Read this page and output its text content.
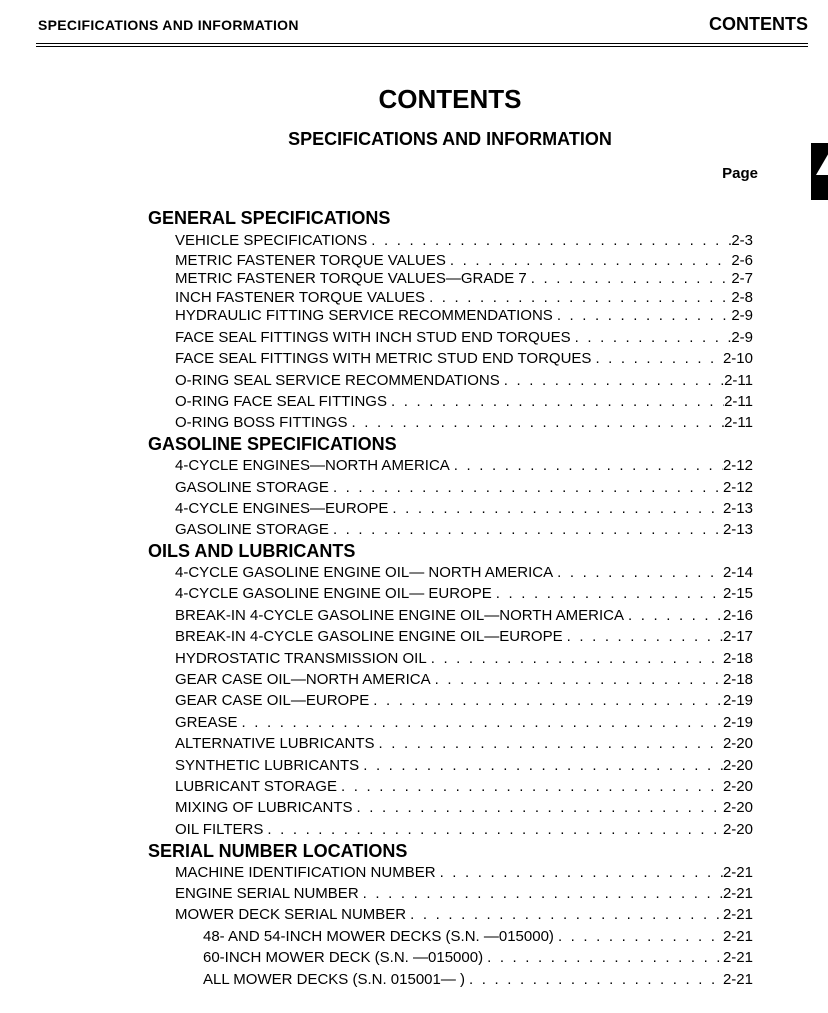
SPECIFICATIONS AND INFORMATION	CONTENTS
CONTENTS
SPECIFICATIONS AND INFORMATION
Page
GENERAL SPECIFICATIONS
VEHICLE SPECIFICATIONS . . .	2-3
METRIC FASTENER TORQUE VALUES . . .	2-6
METRIC FASTENER TORQUE VALUES—GRADE 7 . . .	2-7
INCH FASTENER TORQUE VALUES . . .	2-8
HYDRAULIC FITTING SERVICE RECOMMENDATIONS . . .	2-9
FACE SEAL FITTINGS WITH INCH STUD END TORQUES . . .	2-9
FACE SEAL FITTINGS WITH METRIC STUD END TORQUES . . .	2-10
O-RING SEAL SERVICE RECOMMENDATIONS . . .	2-11
O-RING FACE SEAL FITTINGS . . .	2-11
O-RING BOSS FITTINGS . . .	2-11
GASOLINE SPECIFICATIONS
4-CYCLE ENGINES—NORTH AMERICA . . .	2-12
GASOLINE STORAGE . . .	2-12
4-CYCLE ENGINES—EUROPE . . .	2-13
GASOLINE STORAGE . . .	2-13
OILS AND LUBRICANTS
4-CYCLE GASOLINE ENGINE OIL— NORTH AMERICA . . .	2-14
4-CYCLE GASOLINE ENGINE OIL— EUROPE . . .	2-15
BREAK-IN 4-CYCLE GASOLINE ENGINE OIL—NORTH AMERICA . . .	2-16
BREAK-IN 4-CYCLE GASOLINE ENGINE OIL—EUROPE . . .	2-17
HYDROSTATIC TRANSMISSION OIL . . .	2-18
GEAR CASE OIL—NORTH AMERICA . . .	2-18
GEAR CASE OIL—EUROPE . . .	2-19
GREASE . . .	2-19
ALTERNATIVE LUBRICANTS . . .	2-20
SYNTHETIC LUBRICANTS . . .	2-20
LUBRICANT STORAGE . . .	2-20
MIXING OF LUBRICANTS . . .	2-20
OIL FILTERS . . .	2-20
SERIAL NUMBER LOCATIONS
MACHINE IDENTIFICATION NUMBER . . .	2-21
ENGINE SERIAL NUMBER . . .	2-21
MOWER DECK SERIAL NUMBER . . .	2-21
48- AND 54-INCH MOWER DECKS (S.N. —015000) . . .	2-21
60-INCH MOWER DECK (S.N. —015000) . . .	2-21
ALL MOWER DECKS (S.N. 015001— ) . . .	2-21
